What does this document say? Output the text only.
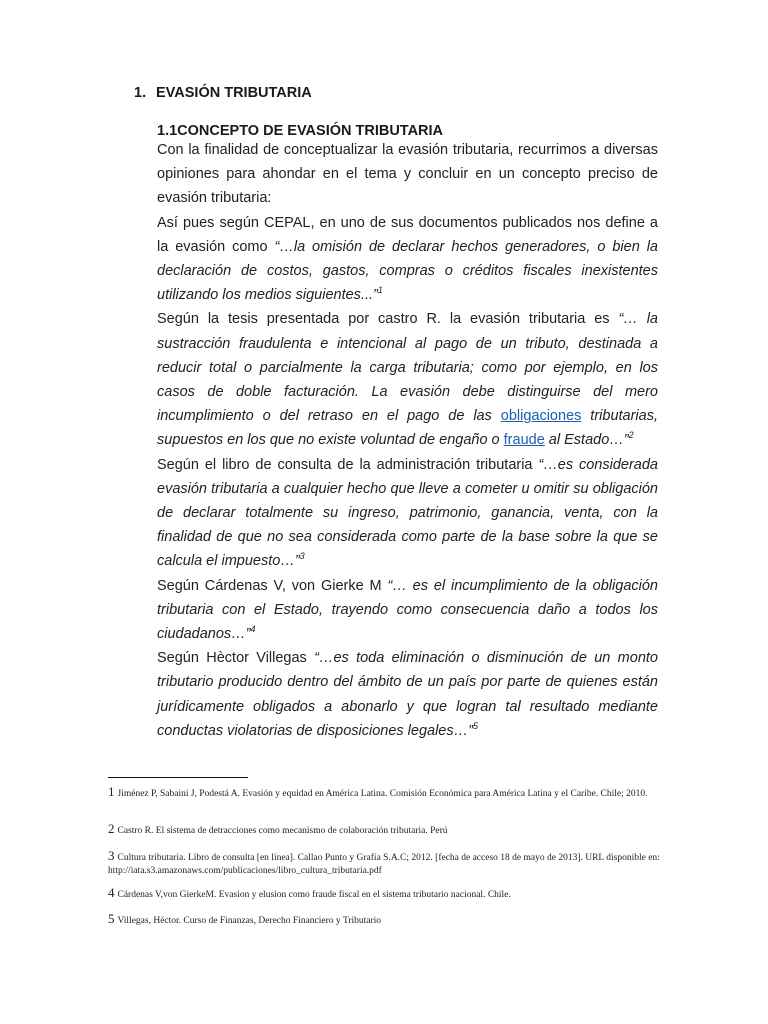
1. EVASIÓN TRIBUTARIA
1.1CONCEPTO DE EVASIÓN TRIBUTARIA

Con la finalidad de conceptualizar la evasión tributaria, recurrimos a diversas opiniones para ahondar en el tema y concluir en un concepto preciso de evasión tributaria:

Así pues según CEPAL, en uno de sus documentos publicados nos define a la evasión como “…la omisión de declarar hechos generadores, o bien la declaración de costos, gastos, compras o créditos fiscales inexistentes utilizando los medios siguientes...”$^1$

Según la tesis presentada por castro R. la evasión tributaria es “… la sustracción fraudulenta e intencional al pago de un tributo, destinada a reducir total o parcialmente la carga tributaria; como por ejemplo, en los casos de doble facturación. La evasión debe distinguirse del mero incumplimiento o del retraso en el pago de las obligaciones tributarias, supuestos en los que no existe voluntad de engaño o fraude al Estado…”$^2$

Según el libro de consulta de la administración tributaria “…es considerada evasión tributaria a cualquier hecho que lleve a cometer u omitir su obligación de declarar totalmente su ingreso, patrimonio, ganancia, venta, con la finalidad de que no sea considerada como parte de la base sobre la que se calcula el impuesto…”$^3$

Según Cárdenas V, von Gierke M “… es el incumplimiento de la obligación tributaria con el Estado, trayendo como consecuencia daño a todos los ciudadanos…”$^4$

Según Hèctor Villegas “…es toda eliminación o disminución de un monto tributario producido dentro del ámbito de un país por parte de quienes están jurídicamente obligados a abonarlo y que logran tal resultado mediante conductas violatorias de disposiciones legales…”$^5$

1 Jiménez P, Sabaini J, Podestá A. Evasión y equidad en América Latina. Comisión Económica para América Latina y el Caribe. Chile; 2010.
2 Castro R. El sistema de detracciones como mecanismo de colaboración tributaria. Perú
3 Cultura tributaria. Libro de consulta [en línea]. Callao Punto y Grafía S.A.C; 2012. [fecha de acceso 18 de mayo de 2013]. URL disponible en: http://iata.s3.amazonaws.com/publicaciones/libro_cultura_tributaria.pdf
4 Cárdenas V,von GierkeM. Evasion y elusion como fraude fiscal en el sistema tributario nacional. Chile.
5 Villegas, Héctor. Curso de Finanzas, Derecho Financiero y Tributario
